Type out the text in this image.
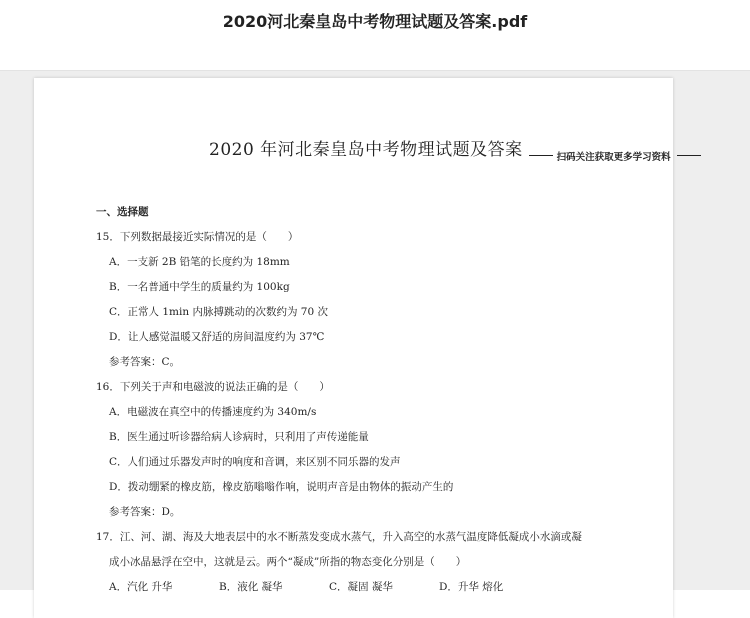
2020河北秦皇岛中考物理试题及答案.pdf
2020 年河北秦皇岛中考物理试题及答案	扫码关注获取更多学习资料
一、选择题
15．下列数据最接近实际情况的是（　　）
A．一支新 2B 铅笔的长度约为 18mm
B．一名普通中学生的质量约为 100kg
C．正常人 1min 内脉搏跳动的次数约为 70 次
D．让人感觉温暖又舒适的房间温度约为 37℃
参考答案：C。
16．下列关于声和电磁波的说法正确的是（　　）
A．电磁波在真空中的传播速度约为 340m/s
B．医生通过听诊器给病人诊病时，只利用了声传递能量
C．人们通过乐器发声时的响度和音调，来区别不同乐器的发声
D．拨动绷紧的橡皮筋，橡皮筋嗡嗡作响，说明声音是由物体的振动产生的
参考答案：D。
17．江、河、湖、海及大地表层中的水不断蒸发变成水蒸气，升入高空的水蒸气温度降低凝成小水滴或凝
成小冰晶悬浮在空中，这就是云。两个“凝成”所指的物态变化分别是（　　）
A．汽化 升华	B．液化 凝华	C．凝固 凝华	D．升华 熔化
